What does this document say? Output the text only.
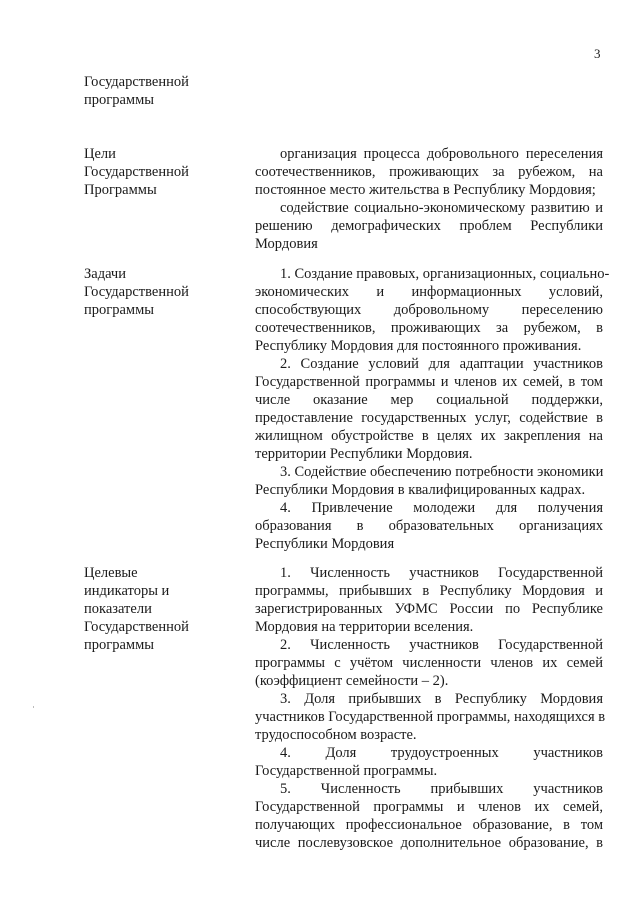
3
Государственной
программы
Цели
Государственной
Программы
организация процесса добровольного переселения
соотечественников, проживающих за рубежом, на
постоянное место жительства в Республику Мордовия;
содействие социально-экономическому развитию и
решению демографических проблем Республики
Мордовия
Задачи
Государственной
программы
1. Создание правовых, организационных, социально-
экономических и информационных условий,
способствующих добровольному переселению
соотечественников, проживающих за рубежом, в
Республику Мордовия для постоянного проживания.
2. Создание условий для адаптации участников
Государственной программы и членов их семей, в том
числе оказание мер социальной поддержки,
предоставление государственных услуг, содействие в
жилищном обустройстве в целях их закрепления на
территории Республики Мордовия.
3. Содействие обеспечению потребности экономики
Республики Мордовия в квалифицированных кадрах.
4. Привлечение молодежи для получения
образования в образовательных организациях
Республики Мордовия
Целевые
индикаторы и
показатели
Государственной
программы
1. Численность участников Государственной
программы, прибывших в Республику Мордовия и
зарегистрированных УФМС России по Республике
Мордовия на территории вселения.
2. Численность участников Государственной
программы с учётом численности членов их семей
(коэффициент семейности – 2).
3. Доля прибывших в Республику Мордовия
участников Государственной программы, находящихся в
трудоспособном возрасте.
4. Доля трудоустроенных участников
Государственной программы.
5. Численность прибывших участников
Государственной программы и членов их семей,
получающих профессиональное образование, в том
числе послевузовское дополнительное образование, в
